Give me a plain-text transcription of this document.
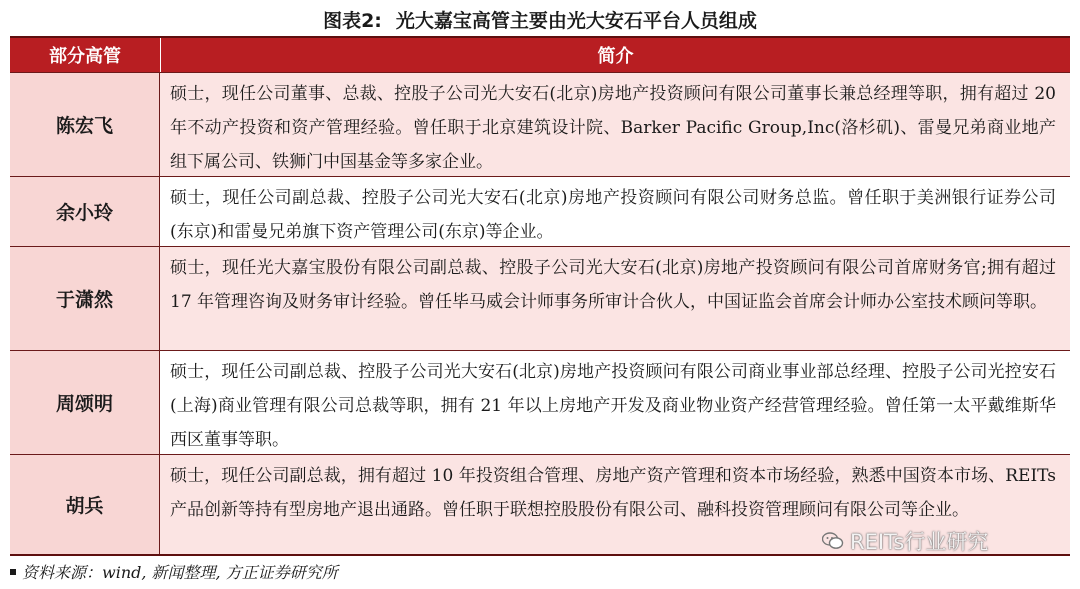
图表2: 光大嘉宝高管主要由光大安石平台人员组成
部分高管	简介
陈宏飞
硕士，现任公司董事、总裁、控股子公司光大安石(北京)房地产投资顾问有限公司董事长兼总经理等职，拥有超过 20 年不动产投资和资产管理经验。曾任职于北京建筑设计院、Barker Pacific Group,Inc(洛杉矶)、雷曼兄弟商业地产组下属公司、铁狮门中国基金等多家企业。
余小玲
硕士，现任公司副总裁、控股子公司光大安石(北京)房地产投资顾问有限公司财务总监。曾任职于美洲银行证券公司(东京)和雷曼兄弟旗下资产管理公司(东京)等企业。
于潇然
硕士，现任光大嘉宝股份有限公司副总裁、控股子公司光大安石(北京)房地产投资顾问有限公司首席财务官;拥有超过 17 年管理咨询及财务审计经验。曾任毕马威会计师事务所审计合伙人，中国证监会首席会计师办公室技术顾问等职。
周颂明
硕士，现任公司副总裁、控股子公司光大安石(北京)房地产投资顾问有限公司商业事业部总经理、控股子公司光控安石(上海)商业管理有限公司总裁等职，拥有 21 年以上房地产开发及商业物业资产经营管理经验。曾任第一太平戴维斯华西区董事等职。
胡兵
硕士，现任公司副总裁，拥有超过 10 年投资组合管理、房地产资产管理和资本市场经验，熟悉中国资本市场、REITs 产品创新等持有型房地产退出通路。曾任职于联想控股股份有限公司、融科投资管理顾问有限公司等企业。
REITs行业研究
资料来源：wind, 新闻整理, 方正证券研究所
